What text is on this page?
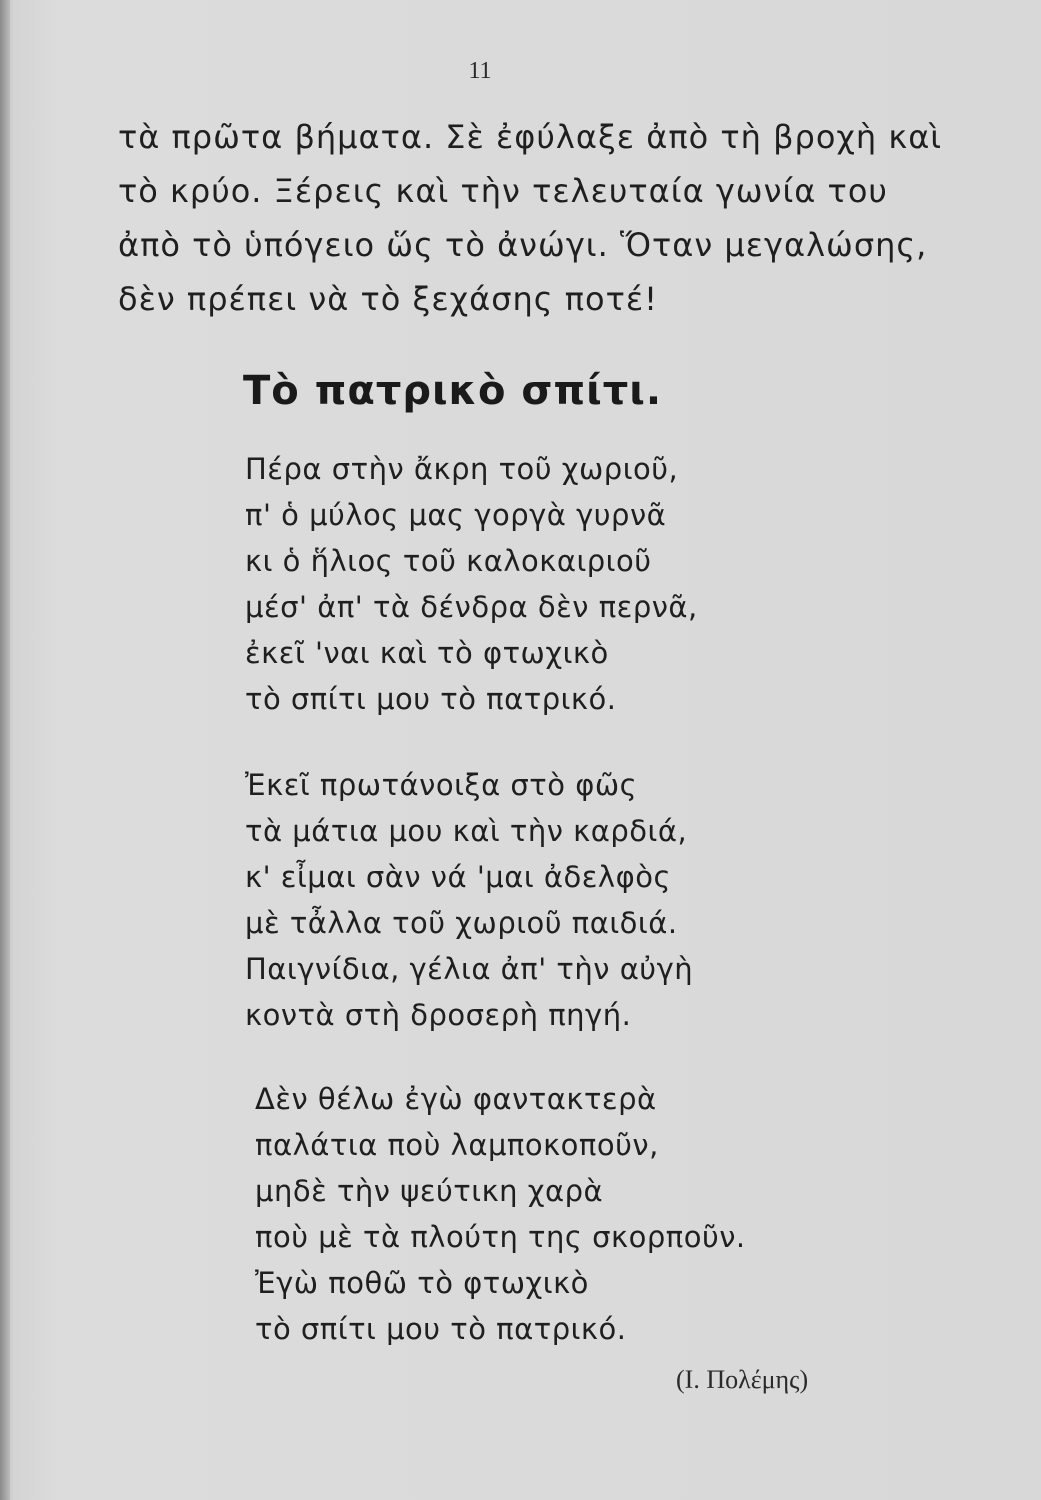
11
τὰ πρῶτα βήματα. Σὲ ἐφύλαξε ἀπὸ τὴ βροχὴ καὶ
τὸ κρύο. Ξέρεις καὶ τὴν τελευταία γωνία του
ἀπὸ τὸ ὑπόγειο ὥς τὸ ἀνώγι. Ὅταν μεγαλώσης,
δὲν πρέπει νὰ τὸ ξεχάσης ποτέ!
Τὸ πατρικὸ σπίτι.
Πέρα στὴν ἄκρη τοῦ χωριοῦ,
π' ὁ μύλος μας γοργὰ γυρνᾶ
κι ὁ ἥλιος τοῦ καλοκαιριοῦ
μέσ' ἀπ' τὰ δένδρα δὲν περνᾶ,
ἐκεῖ 'ναι καὶ τὸ φτωχικὸ
τὸ σπίτι μου τὸ πατρικό.
Ἐκεῖ πρωτάνοιξα στὸ φῶς
τὰ μάτια μου καὶ τὴν καρδιά,
κ' εἶμαι σὰν νά 'μαι ἀδελφὸς
μὲ τἆλλα τοῦ χωριοῦ παιδιά.
Παιγνίδια, γέλια ἀπ' τὴν αὐγὴ
κοντὰ στὴ δροσερὴ πηγή.
Δὲν θέλω ἐγὼ φαντακτερὰ
παλάτια ποὺ λαμποκοποῦν,
μηδὲ τὴν ψεύτικη χαρὰ
ποὺ μὲ τὰ πλούτη της σκορποῦν.
Ἐγὼ ποθῶ τὸ φτωχικὸ
τὸ σπίτι μου τὸ πατρικό.
(Ι. Πολέμης)
